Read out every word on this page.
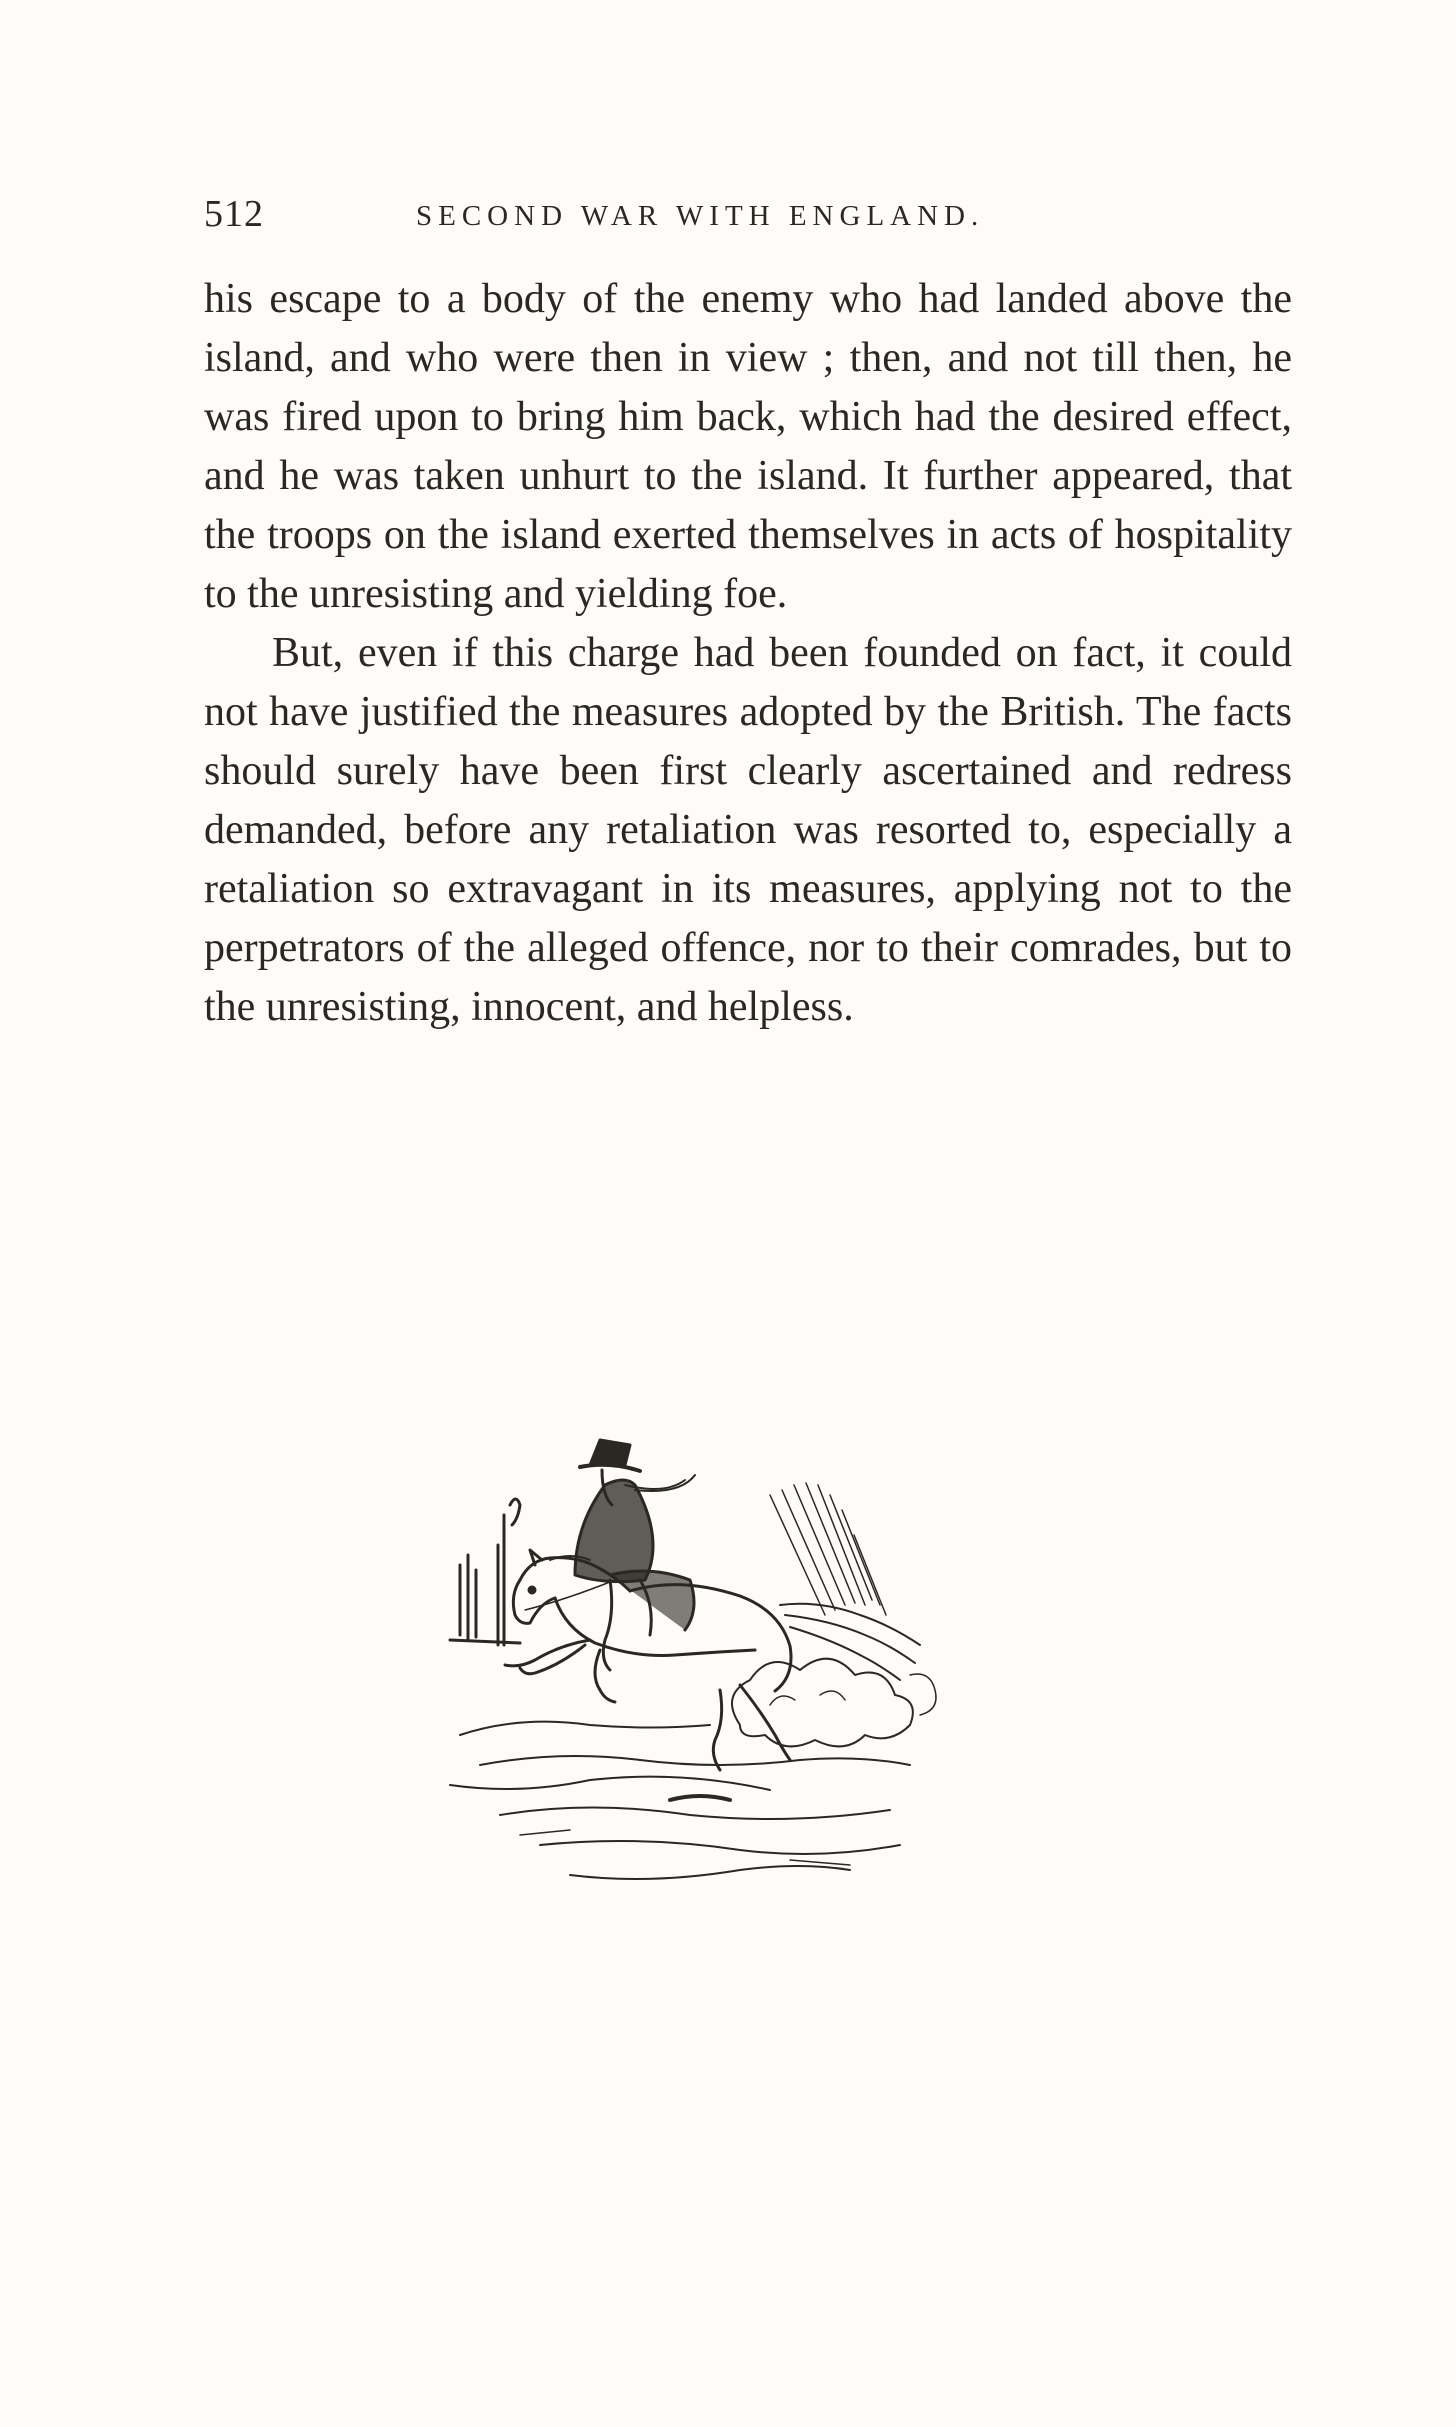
512	SECOND WAR WITH ENGLAND.

his escape to a body of the enemy who had landed above the island, and who were then in view ; then, and not till then, he was fired upon to bring him back, which had the desired effect, and he was taken unhurt to the island. It further appeared, that the troops on the island exerted themselves in acts of hospitality to the unresisting and yielding foe.

But, even if this charge had been founded on fact, it could not have justified the measures adopted by the British. The facts should surely have been first clearly ascertained and redress demanded, before any retaliation was resorted to, especially a retaliation so extravagant in its measures, applying not to the perpetrators of the alleged offence, nor to their comrades, but to the unresisting, innocent, and helpless.
